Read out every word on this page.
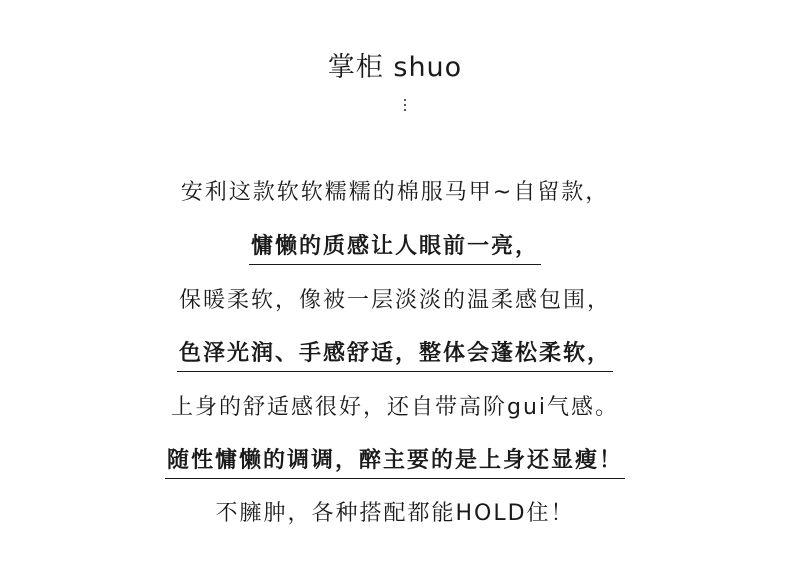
掌柜 shuo
安利这款软软糯糯的棉服马甲~自留款，
慵懒的质感让人眼前一亮，
保暖柔软，像被一层淡淡的温柔感包围，
色泽光润、手感舒适，整体会蓬松柔软，
上身的舒适感很好，还自带高阶gui气感。
随性慵懒的调调，醉主要的是上身还显瘦！
不臃肿，各种搭配都能HOLD住！
